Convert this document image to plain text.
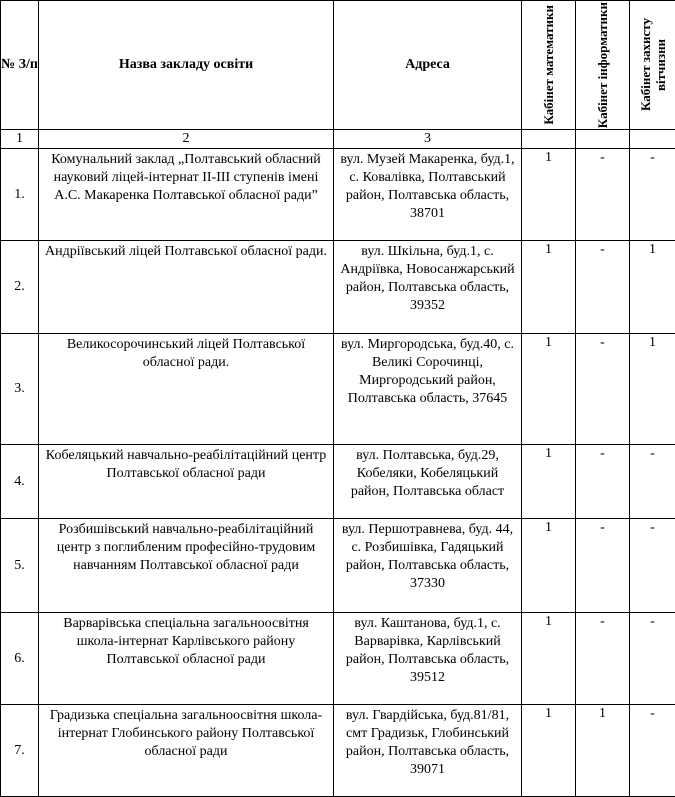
№ З/п	Назва закладу освіти	Адреса	Кабінет математики	Кабінет інформатики	Кабінет захисту вітчизни

1	2	3			
1.	Комунальний заклад „Полтавський обласний науковий ліцей-інтернат ІІ-ІІІ ступенів імені А.С. Макаренка Полтавської обласної ради”	вул. Музей Макаренка, буд.1, с. Ковалівка, Полтавський район, Полтавська область, 38701	1	-	-
2.	Андріївський ліцей Полтавської обласної ради.	вул. Шкільна, буд.1, с. Андріївка, Новосанжарський район, Полтавська область, 39352	1	-	1
3.	Великосорочинський ліцей Полтавської обласної ради.	вул. Миргородська, буд.40, с. Великі Сорочинці, Миргородський район, Полтавська область, 37645	1	-	1
4.	Кобеляцький навчально-реабілітаційний центр Полтавської обласної ради	вул. Полтавська, буд.29, Кобеляки, Кобеляцький район, Полтавська област	1	-	-
5.	Розбишівський навчально-реабілітаційний центр з поглибленим професійно-трудовим навчанням Полтавської обласної ради	вул. Першотравнева, буд. 44, с. Розбишівка, Гадяцький район, Полтавська область, 37330	1	-	-
6.	Варварівська спеціальна загальноосвітня школа-інтернат Карлівського району Полтавської обласної ради	вул. Каштанова, буд.1, с. Варварівка, Карлівський район, Полтавська область, 39512	1	-	-
7.	Градизька спеціальна загальноосвітня школа-інтернат Глобинського району Полтавської обласної ради	вул. Гвардійська, буд.81/81, смт Градизьк, Глобинський район, Полтавська область, 39071	1	1	-
